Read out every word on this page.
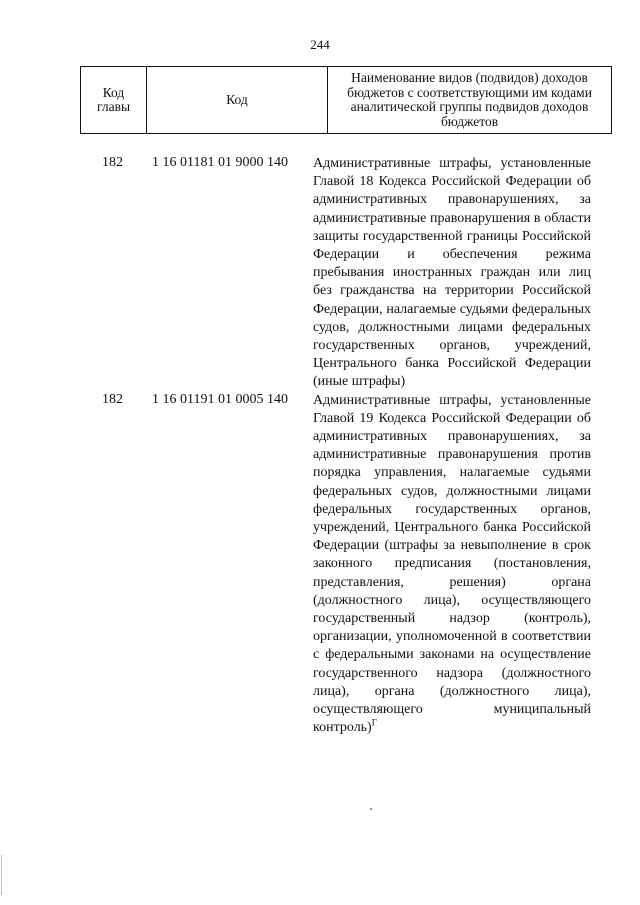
244
Код главы	Код	Наименование видов (подвидов) доходов бюджетов с соответствующими им кодами аналитической группы подвидов доходов бюджетов
182	1 16 01181 01 9000 140	Административные штрафы, установленные Главой 18 Кодекса Российской Федерации об административных правонарушениях, за административные правонарушения в области защиты государственной границы Российской Федерации и обеспечения режима пребывания иностранных граждан или лиц без гражданства на территории Российской Федерации, налагаемые судьями федеральных судов, должностными лицами федеральных государственных органов, учреждений, Центрального банка Российской Федерации (иные штрафы)
182	1 16 01191 01 0005 140	Административные штрафы, установленные Главой 19 Кодекса Российской Федерации об административных правонарушениях, за административные правонарушения против порядка управления, налагаемые судьями федеральных судов, должностными лицами федеральных государственных органов, учреждений, Центрального банка Российской Федерации (штрафы за невыполнение в срок законного предписания (постановления, представления, решения) органа (должностного лица), осуществляющего государственный надзор (контроль), организации, уполномоченной в соответствии с федеральными законами на осуществление государственного надзора (должностного лица), органа (должностного лица), осуществляющего муниципальный контроль)$^Г$
